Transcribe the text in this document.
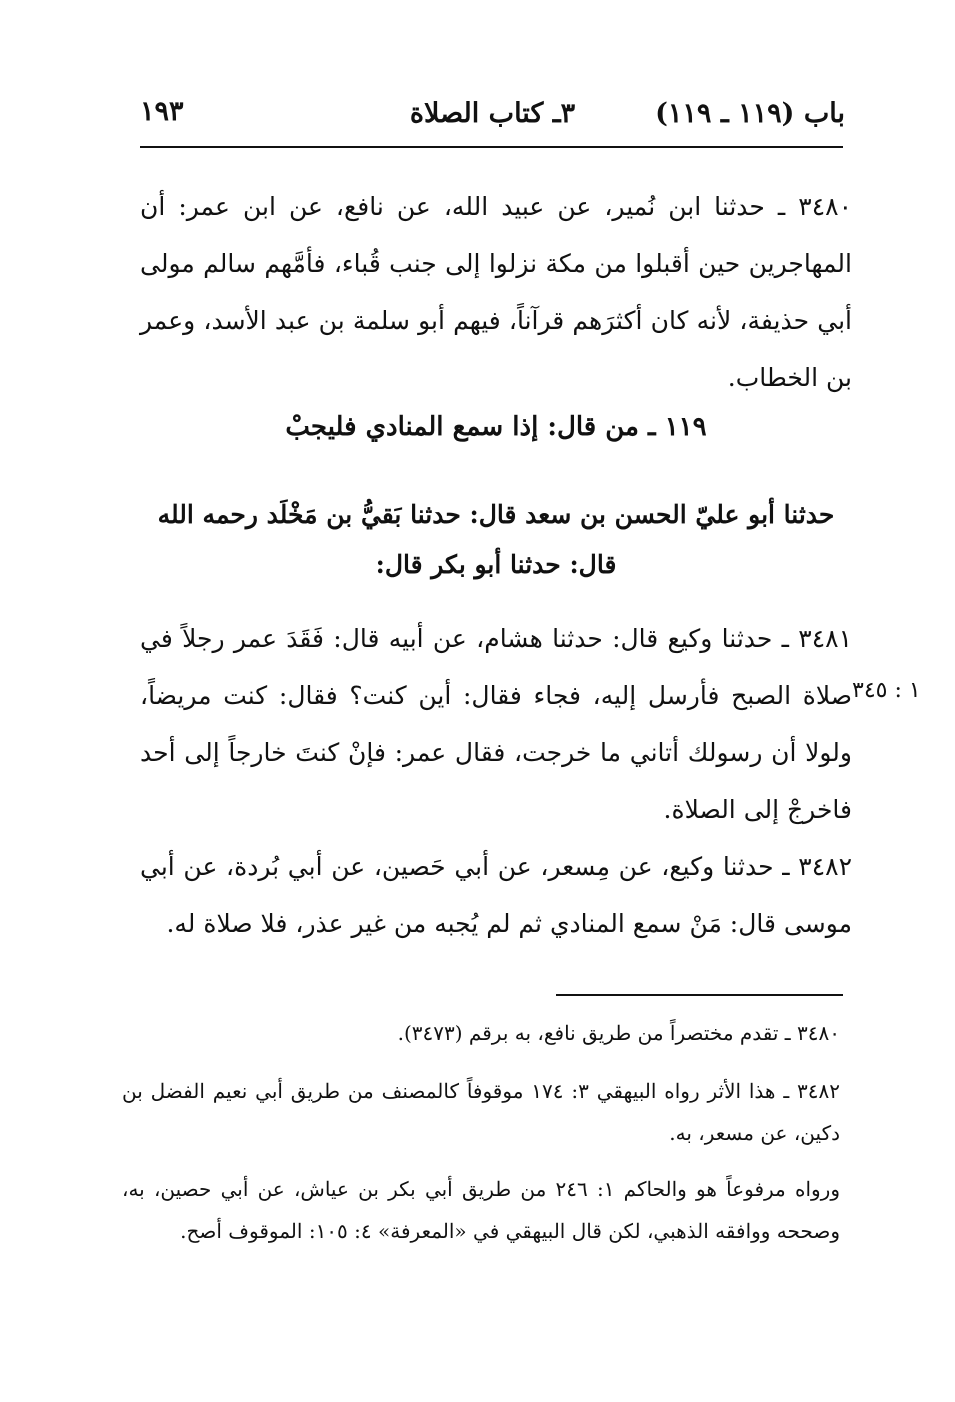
باب (١١٩ ـ ١١٩)
٣ـ كتاب الصلاة
١٩٣
٣٤٨٠ ـ حدثنا ابن نُمير، عن عبيد الله، عن نافع، عن ابن عمر: أن المهاجرين حين أقبلوا من مكة نزلوا إلى جنب قُباء، فأمَّهم سالم مولى أبي حذيفة، لأنه كان أكثرَهم قرآناً، فيهم أبو سلمة بن عبد الأسد، وعمر بن الخطاب.
١١٩ ـ من قال: إذا سمع المنادي فليجبْ
حدثنا أبو عليّ الحسن بن سعد قال: حدثنا بَقيُّ بن مَخْلَد رحمه الله قال: حدثنا أبو بكر قال:
٣٤٨١ ـ حدثنا وكيع قال: حدثنا هشام، عن أبيه قال: فَقَدَ عمر رجلاً في صلاة الصبح فأرسل إليه، فجاء فقال: أين كنت؟ فقال: كنت مريضاً، ولولا أن رسولك أتاني ما خرجت، فقال عمر: فإنْ كنتَ خارجاً إلى أحد فاخرجْ إلى الصلاة.
١ : ٣٤٥
٣٤٨٢ ـ حدثنا وكيع، عن مِسعر، عن أبي حَصين، عن أبي بُردة، عن أبي موسى قال: مَنْ سمع المنادي ثم لم يُجبه من غير عذر، فلا صلاة له.
٣٤٨٠ ـ تقدم مختصراً من طريق نافع، به برقم (٣٤٧٣).
٣٤٨٢ ـ هذا الأثر رواه البيهقي ٣: ١٧٤ موقوفاً كالمصنف من طريق أبي نعيم الفضل بن دكين، عن مسعر، به.
ورواه مرفوعاً هو والحاكم ١: ٢٤٦ من طريق أبي بكر بن عياش، عن أبي حصين، به، وصححه ووافقه الذهبي، لكن قال البيهقي في «المعرفة» ٤: ١٠٥: الموقوف أصح.
